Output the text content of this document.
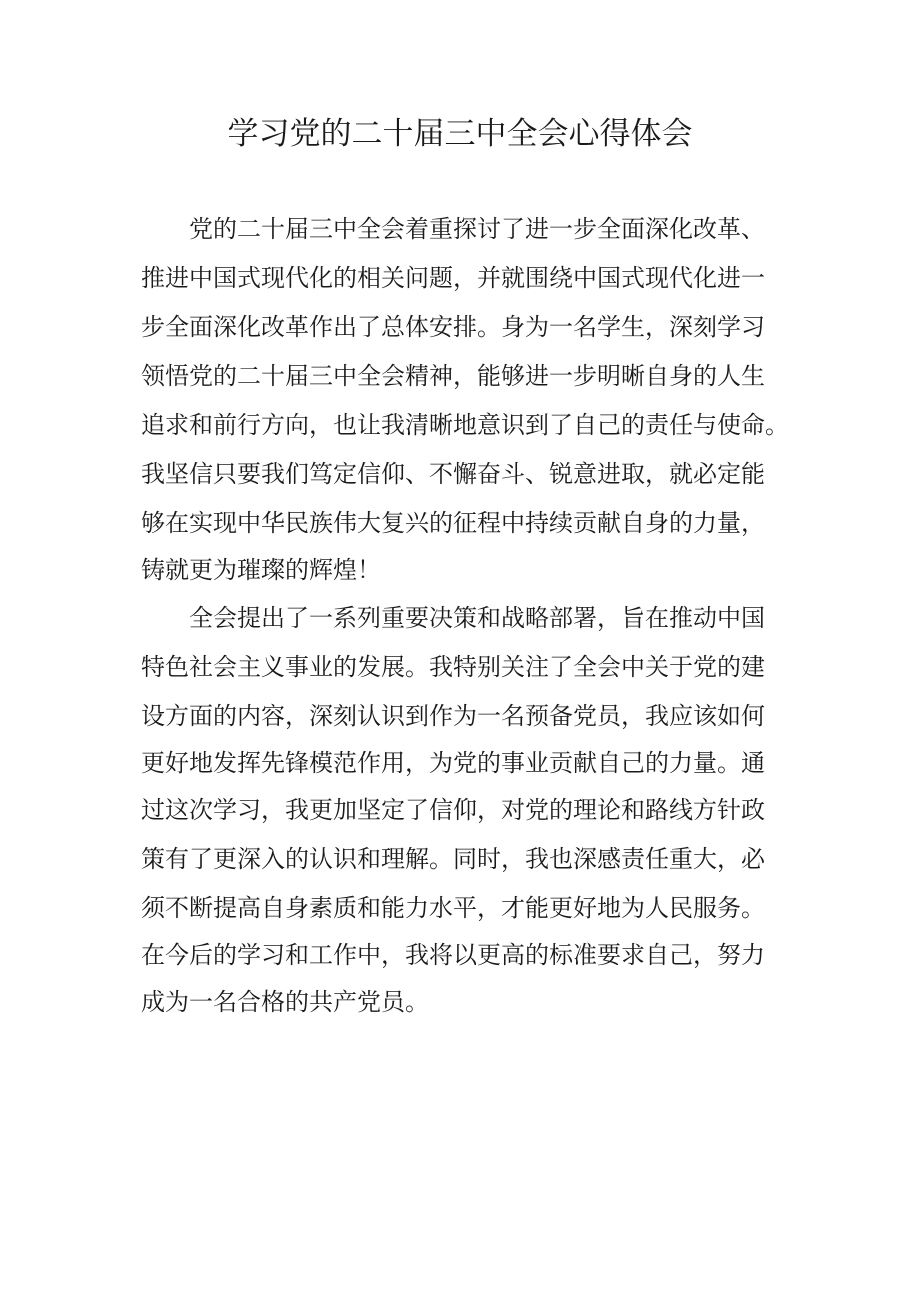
学习党的二十届三中全会心得体会

党的二十届三中全会着重探讨了进一步全面深化改革、

推进中国式现代化的相关问题，并就围绕中国式现代化进一

步全面深化改革作出了总体安排。身为一名学生，深刻学习

领悟党的二十届三中全会精神，能够进一步明晰自身的人生

追求和前行方向，也让我清晰地意识到了自己的责任与使命。

我坚信只要我们笃定信仰、不懈奋斗、锐意进取，就必定能

够在实现中华民族伟大复兴的征程中持续贡献自身的力量，

铸就更为璀璨的辉煌！

全会提出了一系列重要决策和战略部署，旨在推动中国

特色社会主义事业的发展。我特别关注了全会中关于党的建

设方面的内容，深刻认识到作为一名预备党员，我应该如何

更好地发挥先锋模范作用，为党的事业贡献自己的力量。通

过这次学习，我更加坚定了信仰，对党的理论和路线方针政

策有了更深入的认识和理解。同时，我也深感责任重大，必

须不断提高自身素质和能力水平，才能更好地为人民服务。

在今后的学习和工作中，我将以更高的标准要求自己，努力

成为一名合格的共产党员。
